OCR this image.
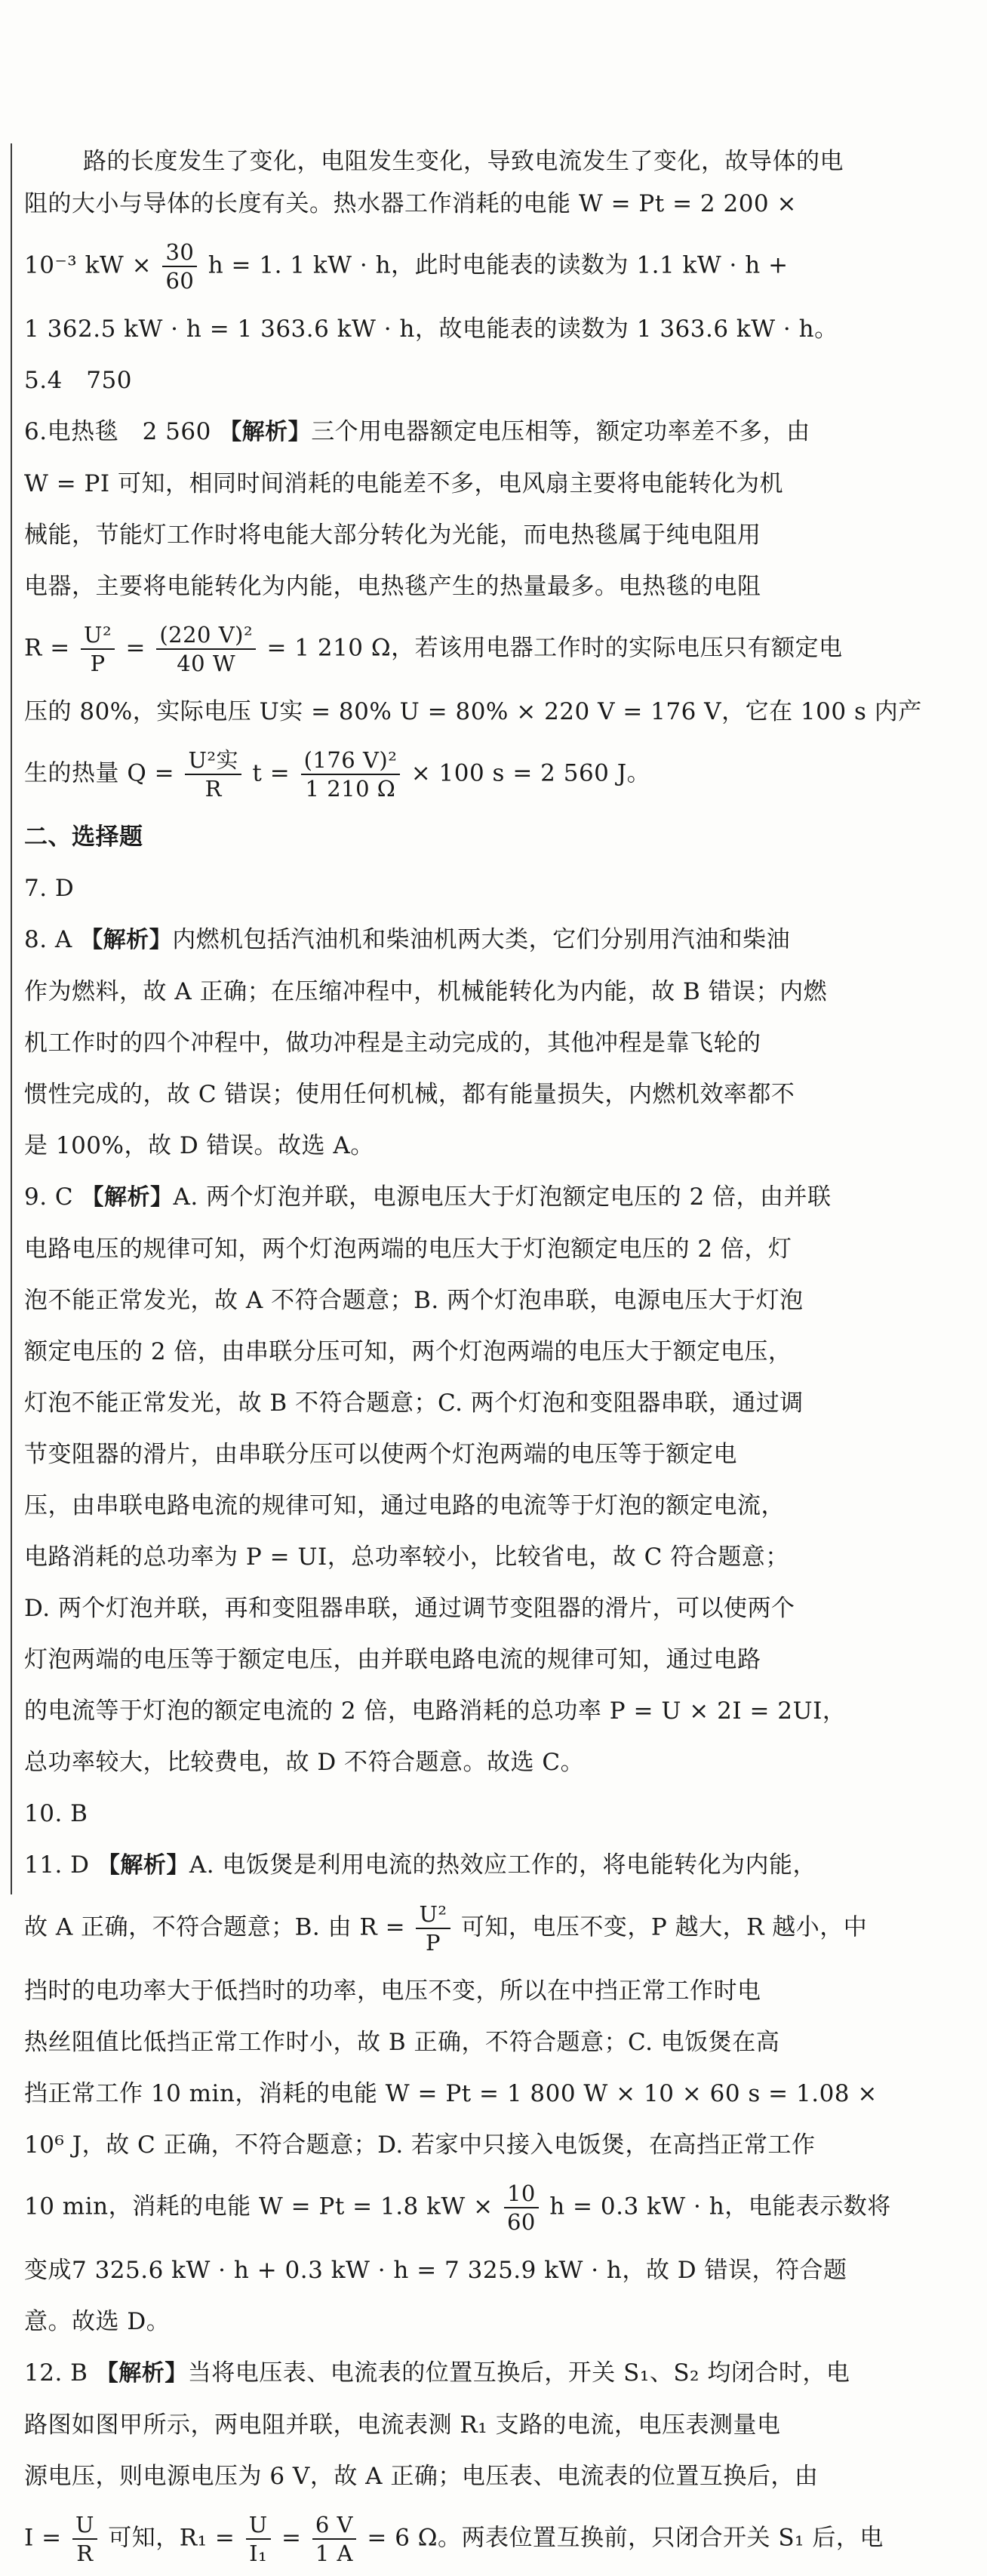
路的长度发生了变化，电阻发生变化，导致电流发生了变化，故导体的电

阻的大小与导体的长度有关。热水器工作消耗的电能 W = Pt = 2 200 ×

10⁻³ kW × $\frac{30}{60}$ h = 1. 1 kW · h，此时电能表的读数为 1.1 kW · h +

1 362.5 kW · h = 1 363.6 kW · h，故电能表的读数为 1 363.6 kW · h。

5.4　750

6.电热毯　2 560 【解析】三个用电器额定电压相等，额定功率差不多，由

W = PI 可知，相同时间消耗的电能差不多，电风扇主要将电能转化为机

械能，节能灯工作时将电能大部分转化为光能，而电热毯属于纯电阻用

电器，主要将电能转化为内能，电热毯产生的热量最多。电热毯的电阻

$R = \frac{\text{U²}}{P} = \frac{\text{(220 V)²}}{40 W} = 1$ 210 Ω，若该用电器工作时的实际电压只有额定电

压的 80%，实际电压 U实 = 80% U = 80% × 220 V = 176 V，它在 100 s 内产

生的热量 $Q = \frac{\text{U²实}}{R}$ $t = \frac{\text{(176 V)²}}{1 210 \Omega} \times 100$ s = 2 560 J。

二、选择题

7. D

8. A 【解析】内燃机包括汽油机和柴油机两大类，它们分别用汽油和柴油

作为燃料，故 A 正确；在压缩冲程中，机械能转化为内能，故 B 错误；内燃

机工作时的四个冲程中，做功冲程是主动完成的，其他冲程是靠飞轮的

惯性完成的，故 C 错误；使用任何机械，都有能量损失，内燃机效率都不

是 100%，故 D 错误。故选 A。

9. C 【解析】A. 两个灯泡并联，电源电压大于灯泡额定电压的 2 倍，由并联

电路电压的规律可知，两个灯泡两端的电压大于灯泡额定电压的 2 倍，灯

泡不能正常发光，故 A 不符合题意；B. 两个灯泡串联，电源电压大于灯泡

额定电压的 2 倍，由串联分压可知，两个灯泡两端的电压大于额定电压，

灯泡不能正常发光，故 B 不符合题意；C. 两个灯泡和变阻器串联，通过调

节变阻器的滑片，由串联分压可以使两个灯泡两端的电压等于额定电

压，由串联电路电流的规律可知，通过电路的电流等于灯泡的额定电流，

电路消耗的总功率为 P = UI，总功率较小，比较省电，故 C 符合题意；

D. 两个灯泡并联，再和变阻器串联，通过调节变阻器的滑片，可以使两个

灯泡两端的电压等于额定电压，由并联电路电流的规律可知，通过电路

的电流等于灯泡的额定电流的 2 倍，电路消耗的总功率 P = U × 2I = 2UI，

总功率较大，比较费电，故 D 不符合题意。故选 C。

10. B

11. D 【解析】A. 电饭煲是利用电流的热效应工作的，将电能转化为内能，

故 A 正确，不符合题意；B. 由 $R = \frac{\text{U²}}{P}$ 可知，电压不变，P 越大，R 越小，中

挡时的电功率大于低挡时的功率，电压不变，所以在中挡正常工作时电

热丝阻值比低挡正常工作时小，故 B 正确，不符合题意；C. 电饭煲在高

挡正常工作 10 min，消耗的电能 W = Pt = 1 800 W × 10 × 60 s = 1.08 ×

10⁶ J，故 C 正确，不符合题意；D. 若家中只接入电饭煲，在高挡正常工作

10 min，消耗的电能 W = Pt = 1.8 kW × $\frac{10}{60}$ h = 0.3 kW · h，电能表示数将

变成7 325.6 kW · h + 0.3 kW · h = 7 325.9 kW · h，故 D 错误，符合题

意。故选 D。

12. B 【解析】当将电压表、电流表的位置互换后，开关 S₁、S₂ 均闭合时，电

路图如图甲所示，两电阻并联，电流表测 R₁ 支路的电流，电压表测量电

源电压，则电源电压为 6 V，故 A 正确；电压表、电流表的位置互换后，由

$I = \frac{U}{R}$ 可知，$R_1 = \frac{U}{\text{I₁}} = \frac{6 V}{1 A} = 6$ Ω。两表位置互换前，只闭合开关 S₁ 后，电
